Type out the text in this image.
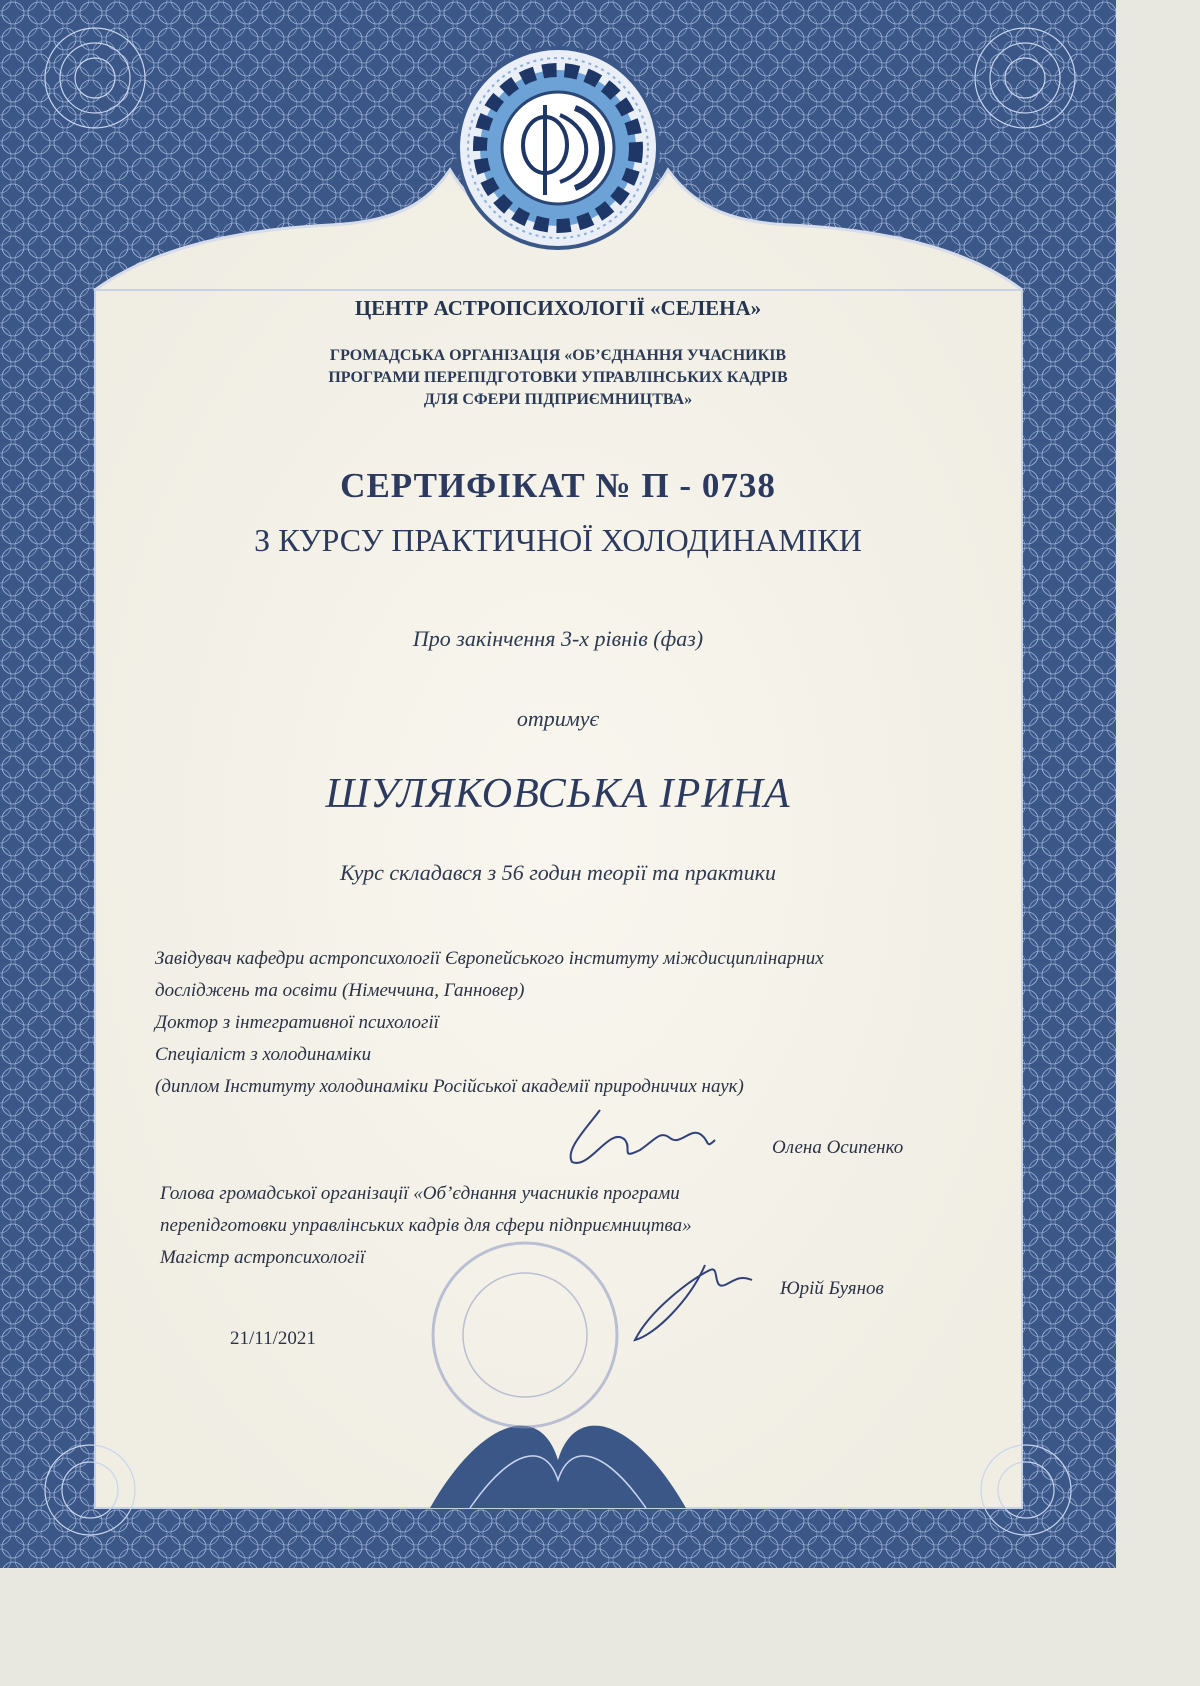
ЦЕНТР АСТРОПСИХОЛОГІЇ «СЕЛЕНА»
ГРОМАДСЬКА ОРГАНІЗАЦІЯ «ОБ’ЄДНАННЯ УЧАСНИКІВ
ПРОГРАМИ ПЕРЕПІДГОТОВКИ УПРАВЛІНСЬКИХ КАДРІВ
ДЛЯ СФЕРИ ПІДПРИЄМНИЦТВА»
СЕРТИФІКАТ № П - 0738
З КУРСУ ПРАКТИЧНОЇ ХОЛОДИНАМІКИ
Про закінчення 3-х рівнів (фаз)
отримує
ШУЛЯКОВСЬКА ІРИНА
Курс складався з 56 годин теорії та практики
Завідувач кафедри астропсихології Європейського інституту міждисциплінарних
досліджень та освіти (Німеччина, Ганновер)
Доктор з інтегративної психології
Спеціаліст з холодинаміки
(диплом Інституту холодинаміки Російської академії природничих наук)
Олена Осипенко
Голова громадської організації «Об’єднання учасників програми
перепідготовки управлінських кадрів для сфери підприємництва»
Магістр астропсихології
Юрій Буянов
21/11/2021
